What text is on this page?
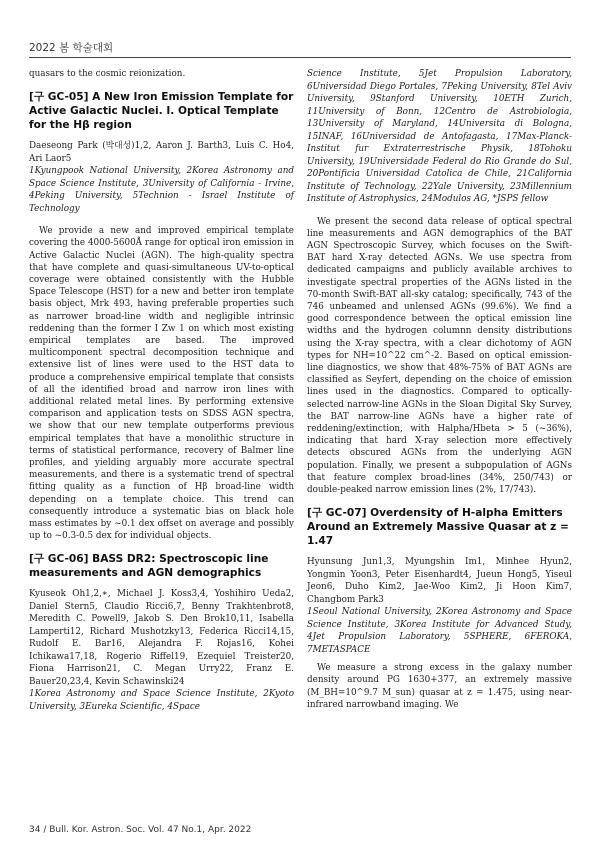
2022 봄 학술대회

quasars to the cosmic reionization.

[구 GC-05] A New Iron Emission Template for Active Galactic Nuclei. I. Optical Template for the Hβ region

Daeseong Park (박대성)1,2, Aaron J. Barth3, Luis C. Ho4, Ari Laor5

1Kyungpook National University, 2Korea Astronomy and Space Science Institute, 3University of California - Irvine, 4Peking University, 5Technion - Israel Institute of Technology

We provide a new and improved empirical template covering the 4000-5600Å range for optical iron emission in Active Galactic Nuclei (AGN). The high-quality spectra that have complete and quasi-simultaneous UV-to-optical coverage were obtained consistently with the Hubble Space Telescope (HST) for a new and better iron template basis object, Mrk 493, having preferable properties such as narrower broad-line width and negligible intrinsic reddening than the former I Zw 1 on which most existing empirical templates are based. The improved multicomponent spectral decomposition technique and extensive list of lines were used to the HST data to produce a comprehensive empirical template that consists of all the identified broad and narrow iron lines with additional related metal lines. By performing extensive comparison and application tests on SDSS AGN spectra, we show that our new template outperforms previous empirical templates that have a monolithic structure in terms of statistical performance, recovery of Balmer line profiles, and yielding arguably more accurate spectral measurements, and there is a systematic trend of spectral fitting quality as a function of Hβ broad-line width depending on a template choice. This trend can consequently introduce a systematic bias on black hole mass estimates by ~0.1 dex offset on average and possibly up to ~0.3-0.5 dex for individual objects.

[구 GC-06] BASS DR2: Spectroscopic line measurements and AGN demographics

Kyuseok Oh1,2,∗, Michael J. Koss3,4, Yoshihiro Ueda2, Daniel Stern5, Claudio Ricci6,7, Benny Trakhtenbrot8, Meredith C. Powell9, Jakob S. Den Brok10,11, Isabella Lamperti12, Richard Mushotzky13, Federica Ricci14,15, Rudolf E. Bar16, Alejandra F. Rojas16, Kohei Ichikawa17,18, Rogerio Riffel19, Ezequiel Treister20, Fiona Harrison21, C. Megan Urry22, Franz E. Bauer20,23,4, Kevin Schawinski24

1Korea Astronomy and Space Science Institute, 2Kyoto University, 3Eureka Scientific, 4Space

Science Institute, 5Jet Propulsion Laboratory, 6Universidad Diego Portales, 7Peking University, 8Tel Aviv University, 9Stanford University, 10ETH Zurich, 11University of Bonn, 12Centro de Astrobiologia, 13University of Maryland, 14Universita di Bologna, 15INAF, 16Universidad de Antofagasta, 17Max-Planck-Institut fur Extraterrestrische Physik, 18Tohoku University, 19Universidade Federal do Rio Grande do Sul, 20Pontificia Universidad Catolica de Chile, 21California Institute of Technology, 22Yale University, 23Millennium Institute of Astrophysics, 24Modulos AG, *JSPS fellow

We present the second data release of optical spectral line measurements and AGN demographics of the BAT AGN Spectroscopic Survey, which focuses on the Swift-BAT hard X-ray detected AGNs. We use spectra from dedicated campaigns and publicly available archives to investigate spectral properties of the AGNs listed in the 70-month Swift-BAT all-sky catalog; specifically, 743 of the 746 unbeamed and unlensed AGNs (99.6%). We find a good correspondence between the optical emission line widths and the hydrogen columnn density distributions using the X-ray spectra, with a clear dichotomy of AGN types for NH=10^22 cm^-2. Based on optical emission-line diagnostics, we show that 48%-75% of BAT AGNs are classified as Seyfert, depending on the choice of emission lines used in the diagnostics. Compared to optically-selected narrow-line AGNs in the Sloan Digital Sky Survey, the BAT narrow-line AGNs have a higher rate of reddening/extinction, with Halpha/Hbeta > 5 (~36%), indicating that hard X-ray selection more effectively detects obscured AGNs from the underlying AGN population. Finally, we present a subpopulation of AGNs that feature complex broad-lines (34%, 250/743) or double-peaked narrow emission lines (2%, 17/743).

[구 GC-07] Overdensity of H-alpha Emitters Around an Extremely Massive Quasar at z = 1.47

Hyunsung Jun1,3, Myungshin Im1, Minhee Hyun2, Yongmin Yoon3, Peter Eisenhardt4, Jueun Hong5, Yiseul Jeon6, Duho Kim2, Jae-Woo Kim2, Ji Hoon Kim7, Changbom Park3

1Seoul National University, 2Korea Astronomy and Space Science Institute, 3Korea Institute for Advanced Study, 4Jet Propulsion Laboratory, 5SPHERE, 6FEROKA, 7METASPACE

We measure a strong excess in the galaxy number density around PG 1630+377, an extremely massive (M_BH=10^9.7 M_sun) quasar at z = 1.475, using near-infrared narrowband imaging. We

34 / Bull. Kor. Astron. Soc. Vol. 47 No.1, Apr. 2022
